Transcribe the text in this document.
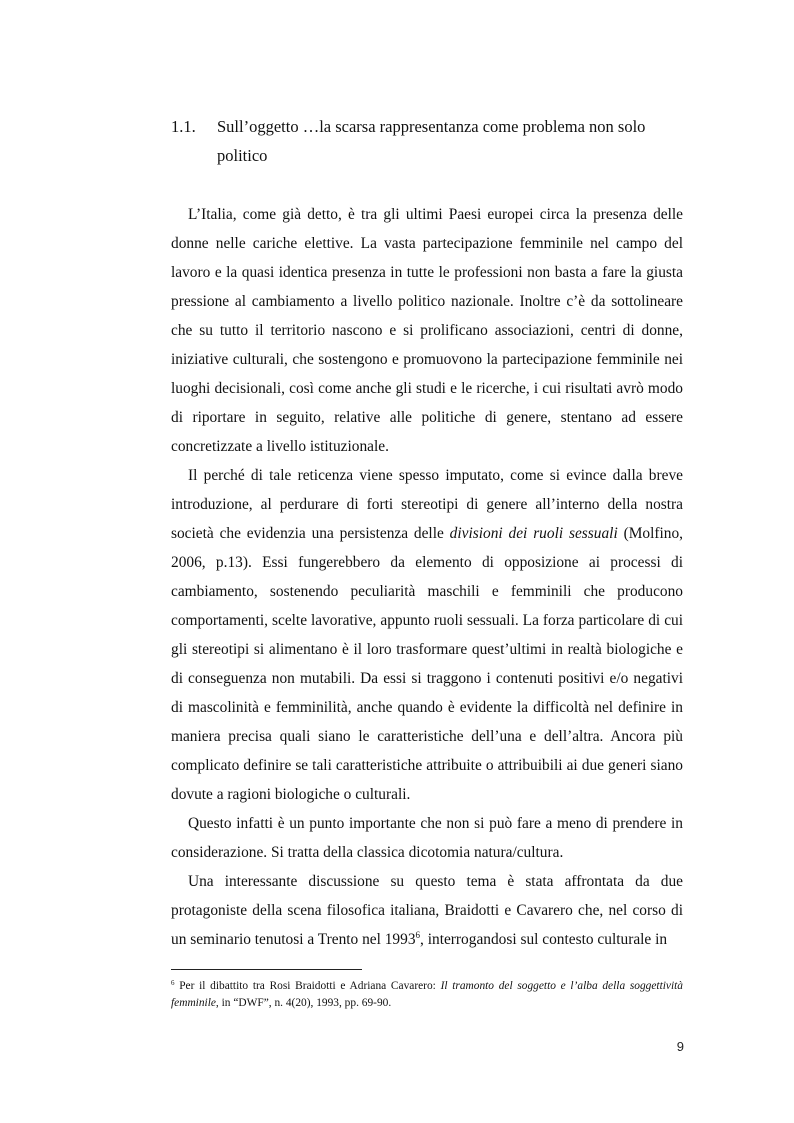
1.1. Sull’oggetto …la scarsa rappresentanza come problema non solo politico

L’Italia, come già detto, è tra gli ultimi Paesi europei circa la presenza delle donne nelle cariche elettive. La vasta partecipazione femminile nel campo del lavoro e la quasi identica presenza in tutte le professioni non basta a fare la giusta pressione al cambiamento a livello politico nazionale. Inoltre c’è da sottolineare che su tutto il territorio nascono e si prolificano associazioni, centri di donne, iniziative culturali, che sostengono e promuovono la partecipazione femminile nei luoghi decisionali, così come anche gli studi e le ricerche, i cui risultati avrò modo di riportare in seguito, relative alle politiche di genere, stentano ad essere concretizzate a livello istituzionale.

Il perché di tale reticenza viene spesso imputato, come si evince dalla breve introduzione, al perdurare di forti stereotipi di genere all’interno della nostra società che evidenzia una persistenza delle divisioni dei ruoli sessuali (Molfino, 2006, p.13). Essi fungerebbero da elemento di opposizione ai processi di cambiamento, sostenendo peculiarità maschili e femminili che producono comportamenti, scelte lavorative, appunto ruoli sessuali. La forza particolare di cui gli stereotipi si alimentano è il loro trasformare quest’ultimi in realtà biologiche e di conseguenza non mutabili. Da essi si traggono i contenuti positivi e/o negativi di mascolinità e femminilità, anche quando è evidente la difficoltà nel definire in maniera precisa quali siano le caratteristiche dell’una e dell’altra. Ancora più complicato definire se tali caratteristiche attribuite o attribuibili ai due generi siano dovute a ragioni biologiche o culturali.

Questo infatti è un punto importante che non si può fare a meno di prendere in considerazione. Si tratta della classica dicotomia natura/cultura.

Una interessante discussione su questo tema è stata affrontata da due protagoniste della scena filosofica italiana, Braidotti e Cavarero che, nel corso di un seminario tenutosi a Trento nel 1993$^6$, interrogandosi sul contesto culturale in

$^6$ Per il dibattito tra Rosi Braidotti e Adriana Cavarero: Il tramonto del soggetto e l’alba della soggettività femminile, in “DWF”, n. 4(20), 1993, pp. 69-90.
9
